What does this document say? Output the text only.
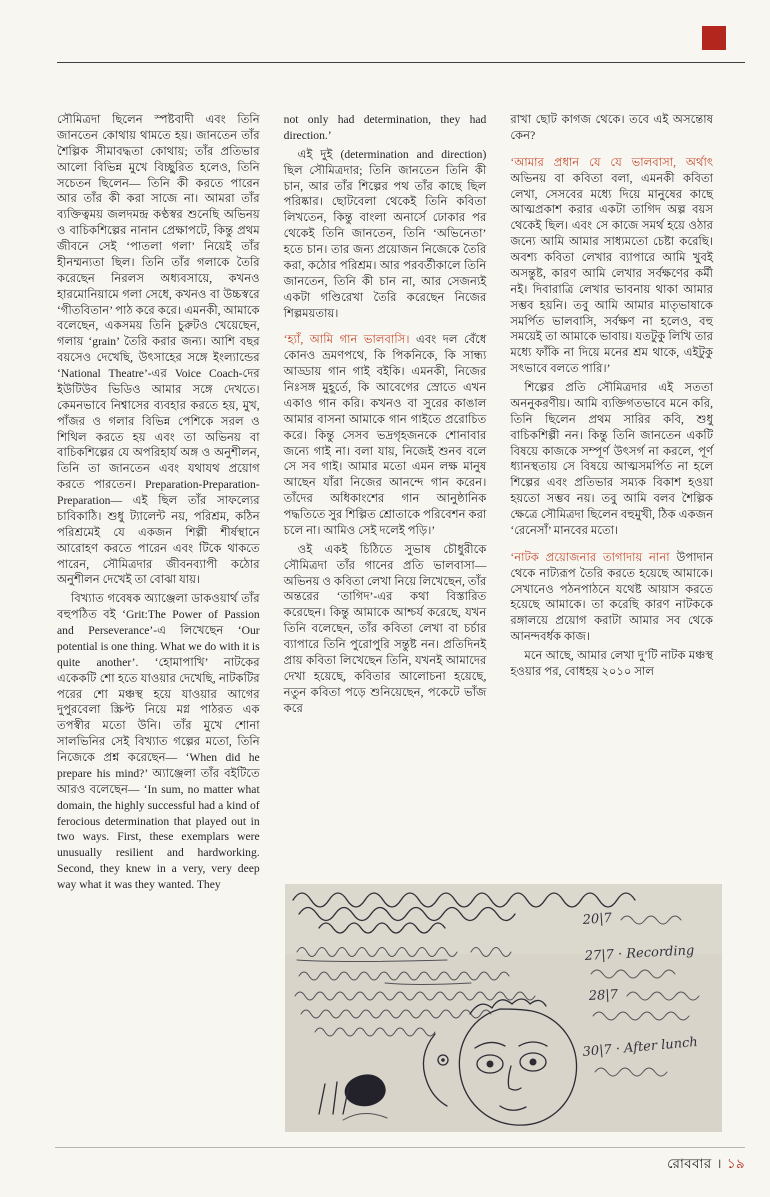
সৌমিত্রদা ছিলেন স্পষ্টবাদী এবং তিনি জানতেন কোথায় থামতে হয়। জানতেন তাঁর শৈল্পিক সীমাবদ্ধতা কোথায়; তাঁর প্রতিভার আলো বিভিন্ন মুখে বিচ্ছুরিত হলেও, তিনি সচেতন ছিলেন— তিনি কী করতে পারেন আর তাঁর কী করা সাজে না। আমরা তাঁর ব্যক্তিত্বময় জলদমন্দ্র কণ্ঠস্বর শুনেছি অভিনয় ও বাচিকশিল্পের নানান প্রেক্ষাপটে, কিন্তু প্রথম জীবনে সেই ‘পাতলা গলা’ নিয়েই তাঁর হীনম্মন্যতা ছিল। তিনি তাঁর গলাকে তৈরি করেছেন নিরলস অধ্যবসায়ে, কখনও হারমোনিয়ামে গলা সেধে, কখনও বা উচ্চস্বরে ‘গীতবিতান’ পাঠ করে করে। এমনকী, আমাকে বলেছেন, একসময় তিনি চুরুটও খেয়েছেন, গলায় ‘grain’ তৈরি করার জন্য। আশি বছর বয়সেও দেখেছি, উৎসাহের সঙ্গে ইংল্যান্ডের ‘National Theatre’-এর Voice Coach-দের ইউটিউব ভিডিও আমার সঙ্গে দেখতে। কেমনভাবে নিশ্বাসের ব্যবহার করতে হয়, মুখ, পাঁজর ও গলার বিভিন্ন পেশিকে সরল ও শিথিল করতে হয় এবং তা অভিনয় বা বাচিকশিল্পের যে অপরিহার্য অঙ্গ ও অনুশীলন, তিনি তা জানতেন এবং যথাযথ প্রয়োগ করতে পারতেন। Preparation-Preparation-Preparation— এই ছিল তাঁর সাফল্যের চাবিকাঠি। শুধু ট্যালেন্ট নয়, পরিশ্রম, কঠিন পরিশ্রমেই যে একজন শিল্পী শীর্ষস্থানে আরোহণ করতে পারেন এবং টিকে থাকতে পারেন, সৌমিত্রদার জীবনব্যাপী কঠোর অনুশীলন দেখেই তা বোঝা যায়।

বিখ্যাত গবেষক অ্যাঞ্জেলা ডাকওয়ার্থ তাঁর বহুপঠিত বই ‘Grit:The Power of Passion and Perseverance’-এ লিখেছেন ‘Our potential is one thing. What we do with it is quite another’. ‘হোমাপাখি’ নাটকের একেকটি শো হতে যাওয়ার দেখেছি, নাটকটির পরের শো মঞ্চস্থ হয়ে যাওয়ার আগের দুপুরবেলা স্ক্রিপ্ট নিয়ে মগ্ন পাঠরত এক তপস্বীর মতো উনি। তাঁর মুখে শোনা সালভিনির সেই বিখ্যাত গল্পের মতো, তিনি নিজেকে প্রশ্ন করেছেন— ‘When did he prepare his mind?’ অ্যাঞ্জেলা তাঁর বইটিতে আরও বলেছেন— ‘In sum, no matter what domain, the highly successful had a kind of ferocious determination that played out in two ways. First, these exemplars were unusually resilient and hardworking. Second, they knew in a very, very deep way what it was they wanted. They

not only had determination, they had direction.’

এই দুই (determination and direction) ছিল সৌমিত্রদার; তিনি জানতেন তিনি কী চান, আর তাঁর শিল্পের পথ তাঁর কাছে ছিল পরিষ্কার। ছোটবেলা থেকেই তিনি কবিতা লিখতেন, কিন্তু বাংলা অনার্সে ঢোকার পর থেকেই তিনি জানতেন, তিনি ‘অভিনেতা’ হতে চান। তার জন্য প্রয়োজন নিজেকে তৈরি করা, কঠোর পরিশ্রম। আর পরবর্তীকালে তিনি জানতেন, তিনি কী চান না, আর সেজন্যই একটা গণ্ডিরেখা তৈরি করেছেন নিজের শিল্পময়তায়।

‘হ্যাঁ, আমি গান ভালবাসি। এবং দল বেঁধে কোনও ভ্রমণপথে, কি পিকনিকে, কি সান্ধ্য আড্ডায় গান গাই বইকি। এমনকী, নিজের নিঃসঙ্গ মুহূর্তে, কি আবেগের স্রোতে এখন একাও গান করি। কখনও বা সুরের কাঙাল আমার বাসনা আমাকে গান গাইতে প্ররোচিত করে। কিন্তু সেসব ভদ্রগৃহজনকে শোনাবার জন্যে গাই না। বলা যায়, নিজেই শুনব বলে সে সব গাই। আমার মতো এমন লক্ষ মানুষ আছেন যাঁরা নিজের আনন্দে গান করেন। তাঁদের অধিকাংশের গান আনুষ্ঠানিক পদ্ধতিতে সুর শিল্পিত শ্রোতাকে পরিবেশন করা চলে না। আমিও সেই দলেই পড়ি।’

ওই একই চিঠিতে সুভাষ চৌধুরীকে সৌমিত্রদা তাঁর গানের প্রতি ভালবাসা— অভিনয় ও কবিতা লেখা নিয়ে লিখেছেন, তাঁর অন্তরের ‘তাগিদ’-এর কথা বিস্তারিত করেছেন। কিন্তু আমাকে আশ্চর্য করেছে, যখন তিনি বলেছেন, তাঁর কবিতা লেখা বা চর্চার ব্যাপারে তিনি পুরোপুরি সন্তুষ্ট নন। প্রতিদিনই প্রায় কবিতা লিখেছেন তিনি, যখনই আমাদের দেখা হয়েছে, কবিতার আলোচনা হয়েছে, নতুন কবিতা পড়ে শুনিয়েছেন, পকেটে ভাঁজ করে

রাখা ছোট কাগজ থেকে। তবে এই অসন্তোষ কেন?

‘আমার প্রধান যে যে ভালবাসা, অর্থাৎ অভিনয় বা কবিতা বলা, এমনকী কবিতা লেখা, সেসবের মধ্যে দিয়ে মানুষের কাছে আত্মপ্রকাশ করার একটা তাগিদ অল্প বয়স থেকেই ছিল। এবং সে কাজে সমর্থ হয়ে ওঠার জন্যে আমি আমার সাধ্যমতো চেষ্টা করেছি। অবশ্য কবিতা লেখার ব্যাপারে আমি খুবই অসন্তুষ্ট, কারণ আমি লেখার সর্বক্ষণের কর্মী নই। দিবারাত্রি লেখার ভাবনায় থাকা আমার সম্ভব হয়নি। তবু আমি আমার মাতৃভাষাকে সমর্পিত ভালবাসি, সর্বক্ষণ না হলেও, বহু সময়েই তা আমাকে ভাবায়। যতটুকু লিখি তার মধ্যে ফাঁকি না দিয়ে মনের শ্রম থাকে, এইটুকু সৎভাবে বলতে পারি।’

শিল্পের প্রতি সৌমিত্রদার এই সততা অননুকরণীয়। আমি ব্যক্তিগতভাবে মনে করি, তিনি ছিলেন প্রথম সারির কবি, শুধু বাচিকশিল্পী নন। কিন্তু তিনি জানতেন একটি বিষয়ে কাজকে সম্পূর্ণ উৎসর্গ না করলে, পূর্ণ ধ্যানস্থতায় সে বিষয়ে আত্মসমর্পিত না হলে শিল্পের এবং প্রতিভার সম্যক বিকাশ হওয়া হয়তো সম্ভব নয়। তবু আমি বলব শৈল্পিক ক্ষেত্রে সৌমিত্রদা ছিলেন বহুমুখী, ঠিক একজন ‘রেনেসাঁ’ মানবের মতো।

‘নাটক প্রয়োজনার তাগাদায় নানা উপাদান থেকে নাট্যরূপ তৈরি করতে হয়েছে আমাকে। সেখানেও পঠনপাঠনে যথেষ্ট আয়াস করতে হয়েছে আমাকে। তা করেছি কারণ নাটককে রঙ্গালয়ে প্রয়োগ করাটা আমার সব থেকে আনন্দবর্ধক কাজ।

মনে আছে, আমার লেখা দু’টি নাটক মঞ্চস্থ হওয়ার পর, বোধহয় ২০১০ সাল

20|7
27|7 · Recording
28|7
30|7 · After lunch
রোববার । ১৯
